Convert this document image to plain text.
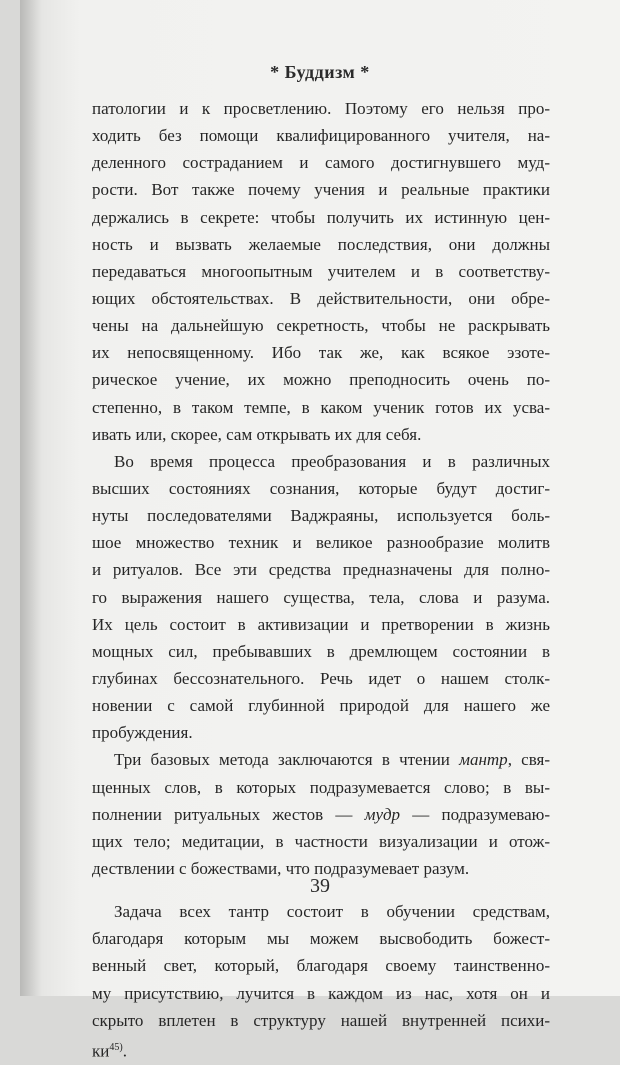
* Буддизм *
патологии и к просветлению. Поэтому его нельзя про-
ходить без помощи квалифицированного учителя, на-
деленного состраданием и самого достигнувшего муд-
рости. Вот также почему учения и реальные практики
держались в секрете: чтобы получить их истинную цен-
ность и вызвать желаемые последствия, они должны
передаваться многоопытным учителем и в соответству-
ющих обстоятельствах. В действительности, они обре-
чены на дальнейшую секретность, чтобы не раскрывать
их непосвященному. Ибо так же, как всякое эзоте-
рическое учение, их можно преподносить очень по-
степенно, в таком темпе, в каком ученик готов их усва-
ивать или, скорее, сам открывать их для себя.
Во время процесса преобразования и в различных
высших состояниях сознания, которые будут достиг-
нуты последователями Ваджраяны, используется боль-
шое множество техник и великое разнообразие молитв
и ритуалов. Все эти средства предназначены для полно-
го выражения нашего существа, тела, слова и разума.
Их цель состоит в активизации и претворении в жизнь
мощных сил, пребывавших в дремлющем состоянии в
глубинах бессознательного. Речь идет о нашем столк-
новении с самой глубинной природой для нашего же
пробуждения.
Три базовых метода заключаются в чтении мантр, свя-
щенных слов, в которых подразумевается слово; в вы-
полнении ритуальных жестов — мудр — подразумеваю-
щих тело; медитации, в частности визуализации и отож-
дествлении с божествами, что подразумевает разум.
Задача всех тантр состоит в обучении средствам,
благодаря которым мы можем высвободить божест-
венный свет, который, благодаря своему таинственно-
му присутствию, лучится в каждом из нас, хотя он и
скрыто вплетен в структуру нашей внутренней психи-
ки$^{45)}$.
39
